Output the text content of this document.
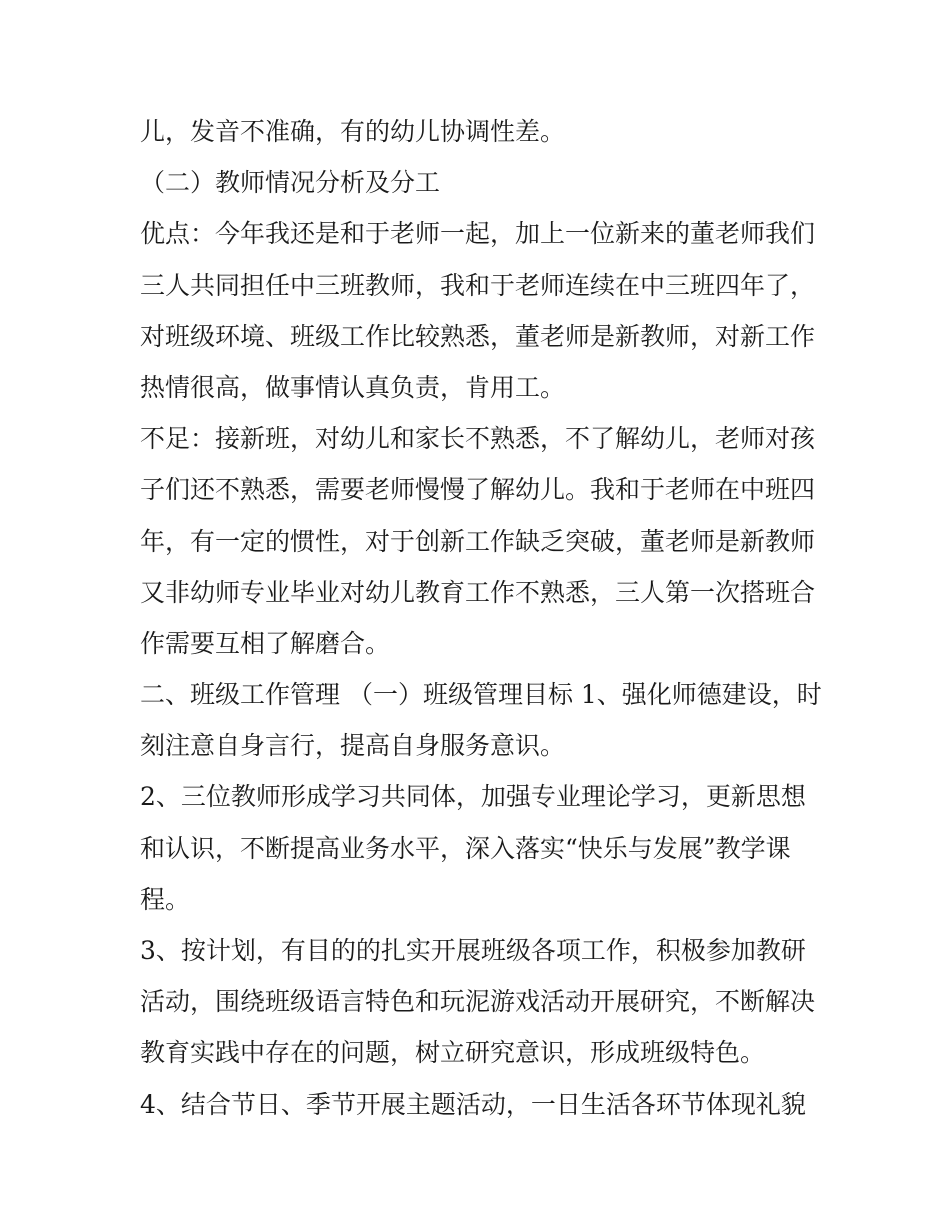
儿，发音不准确，有的幼儿协调性差。
（二）教师情况分析及分工
优点：今年我还是和于老师一起，加上一位新来的董老师我们
三人共同担任中三班教师，我和于老师连续在中三班四年了，
对班级环境、班级工作比较熟悉，董老师是新教师，对新工作
热情很高，做事情认真负责，肯用工。
不足：接新班，对幼儿和家长不熟悉，不了解幼儿，老师对孩
子们还不熟悉，需要老师慢慢了解幼儿。我和于老师在中班四
年，有一定的惯性，对于创新工作缺乏突破，董老师是新教师
又非幼师专业毕业对幼儿教育工作不熟悉，三人第一次搭班合
作需要互相了解磨合。
二、班级工作管理 （一）班级管理目标 1、强化师德建设，时
刻注意自身言行，提高自身服务意识。
2、三位教师形成学习共同体，加强专业理论学习，更新思想
和认识，不断提高业务水平，深入落实“快乐与发展”教学课
程。
3、按计划，有目的的扎实开展班级各项工作，积极参加教研
活动，围绕班级语言特色和玩泥游戏活动开展研究，不断解决
教育实践中存在的问题，树立研究意识，形成班级特色。
4、结合节日、季节开展主题活动，一日生活各环节体现礼貌
